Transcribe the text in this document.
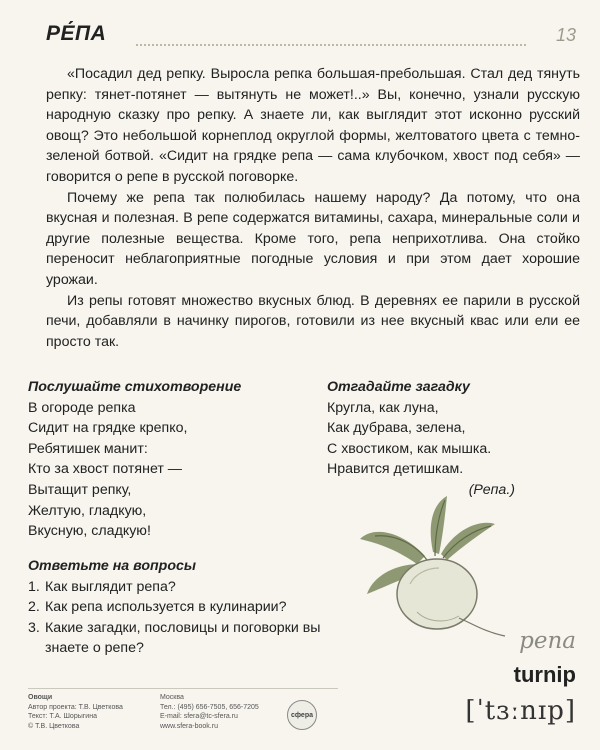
РЕ́ПА	13

«Посадил дед репку. Выросла репка большая-пребольшая. Стал дед тянуть репку: тянет-потянет — вытянуть не может!..» Вы, конечно, узнали русскую народную сказку про репку. А знаете ли, как выглядит этот исконно русский овощ? Это небольшой корнеплод округлой формы, желтоватого цвета с темно-зеленой ботвой. «Сидит на грядке репа — сама клубочком, хвост под себя» — говорится о репе в русской поговорке.

Почему же репа так полюбилась нашему народу? Да потому, что она вкусная и полезная. В репе содержатся витамины, сахара, минеральные соли и другие полезные вещества. Кроме того, репа неприхотлива. Она стойко переносит неблагоприятные погодные условия и при этом дает хорошие урожаи.

Из репы готовят множество вкусных блюд. В деревнях ее парили в русской печи, добавляли в начинку пирогов, готовили из нее вкусный квас или ели ее просто так.

Послушайте стихотворение
В огороде репка
Сидит на грядке крепко,
Ребятишек манит:
Кто за хвост потянет —
Вытащит репку,
Желтую, гладкую,
Вкусную, сладкую!
Отгадайте загадку
Кругла, как луна,
Как дубрава, зелена,
С хвостиком, как мышка.
Нравится детишкам.
(Репа.)
Ответьте на вопросы
1. Как выглядит репа?
2. Как репа используется в кулинарии?
3. Какие загадки, пословицы и поговорки вы знаете о репе?	репа
turnip
[ˈtɜːnɪp]
Овощи
Автор проекта: Т.В. Цветкова
Текст: Т.А. Шорыгина
© Т.В. Цветкова
Москва
Тел.: (495) 656-7505, 656-7205
E-mail: sfera@tc-sfera.ru
www.sfera-book.ru
сфера
